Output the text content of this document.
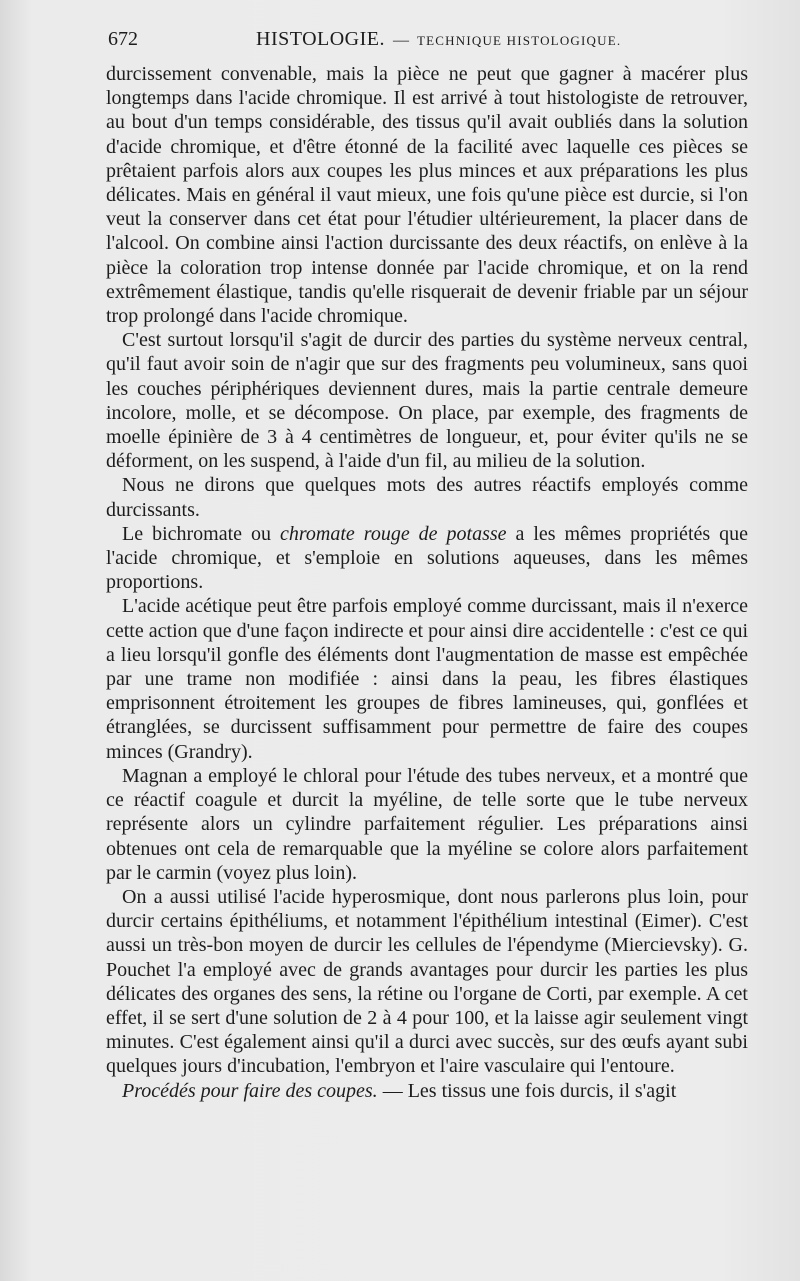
672	HISTOLOGIE. — TECHNIQUE HISTOLOGIQUE.

durcissement convenable, mais la pièce ne peut que gagner à macérer plus longtemps dans l'acide chromique. Il est arrivé à tout histologiste de retrouver, au bout d'un temps considérable, des tissus qu'il avait oubliés dans la solution d'acide chromique, et d'être étonné de la facilité avec laquelle ces pièces se prêtaient parfois alors aux coupes les plus minces et aux préparations les plus délicates. Mais en général il vaut mieux, une fois qu'une pièce est durcie, si l'on veut la conserver dans cet état pour l'étudier ultérieurement, la placer dans de l'alcool. On combine ainsi l'action durcissante des deux réactifs, on enlève à la pièce la coloration trop intense donnée par l'acide chromique, et on la rend extrêmement élastique, tandis qu'elle risquerait de devenir friable par un séjour trop prolongé dans l'acide chromique.

C'est surtout lorsqu'il s'agit de durcir des parties du système nerveux central, qu'il faut avoir soin de n'agir que sur des fragments peu volumineux, sans quoi les couches périphériques deviennent dures, mais la partie centrale demeure incolore, molle, et se décompose. On place, par exemple, des fragments de moelle épinière de 3 à 4 centimètres de longueur, et, pour éviter qu'ils ne se déforment, on les suspend, à l'aide d'un fil, au milieu de la solution.

Nous ne dirons que quelques mots des autres réactifs employés comme durcissants.

Le bichromate ou chromate rouge de potasse a les mêmes propriétés que l'acide chromique, et s'emploie en solutions aqueuses, dans les mêmes proportions.

L'acide acétique peut être parfois employé comme durcissant, mais il n'exerce cette action que d'une façon indirecte et pour ainsi dire accidentelle : c'est ce qui a lieu lorsqu'il gonfle des éléments dont l'augmentation de masse est empêchée par une trame non modifiée : ainsi dans la peau, les fibres élastiques emprisonnent étroitement les groupes de fibres lamineuses, qui, gonflées et étranglées, se durcissent suffisamment pour permettre de faire des coupes minces (Grandry).

Magnan a employé le chloral pour l'étude des tubes nerveux, et a montré que ce réactif coagule et durcit la myéline, de telle sorte que le tube nerveux représente alors un cylindre parfaitement régulier. Les préparations ainsi obtenues ont cela de remarquable que la myéline se colore alors parfaitement par le carmin (voyez plus loin).

On a aussi utilisé l'acide hyperosmique, dont nous parlerons plus loin, pour durcir certains épithéliums, et notamment l'épithélium intestinal (Eimer). C'est aussi un très-bon moyen de durcir les cellules de l'épendyme (Miercievsky). G. Pouchet l'a employé avec de grands avantages pour durcir les parties les plus délicates des organes des sens, la rétine ou l'organe de Corti, par exemple. A cet effet, il se sert d'une solution de 2 à 4 pour 100, et la laisse agir seulement vingt minutes. C'est également ainsi qu'il a durci avec succès, sur des œufs ayant subi quelques jours d'incubation, l'embryon et l'aire vasculaire qui l'entoure.

Procédés pour faire des coupes. — Les tissus une fois durcis, il s'agit
